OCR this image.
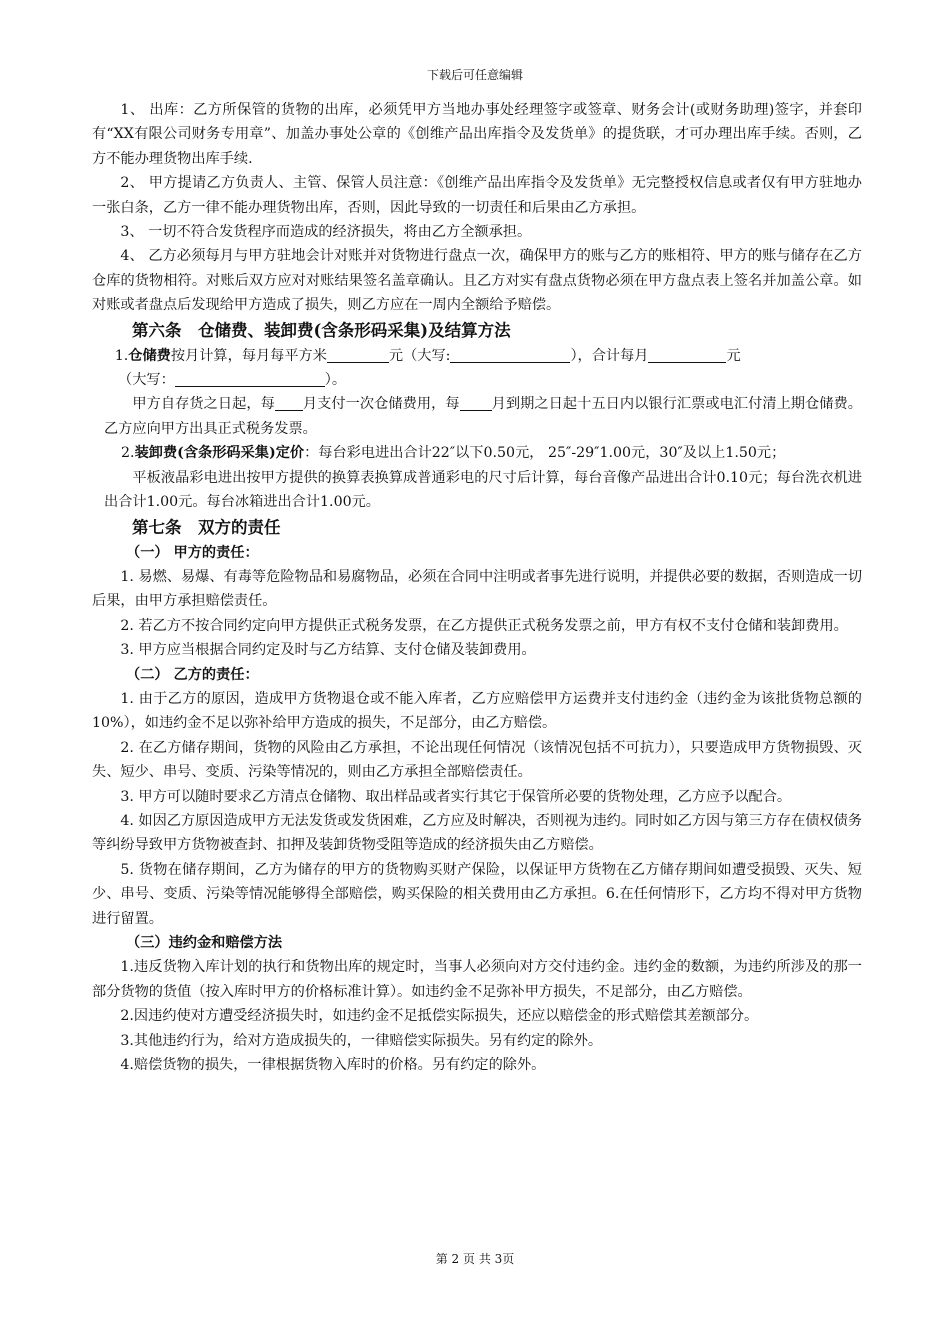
下载后可任意编辑

1、 出库：乙方所保管的货物的出库，必须凭甲方当地办事处经理签字或签章、财务会计(或财务助理)签字，并套印有“XX有限公司财务专用章”、加盖办事处公章的《创维产品出库指令及发货单》的提货联，才可办理出库手续。否则，乙方不能办理货物出库手续.

2、 甲方提请乙方负责人、主管、保管人员注意：《创维产品出库指令及发货单》无完整授权信息或者仅有甲方驻地办一张白条，乙方一律不能办理货物出库，否则，因此导致的一切责任和后果由乙方承担。

3、 一切不符合发货程序而造成的经济损失，将由乙方全额承担。

4、 乙方必须每月与甲方驻地会计对账并对货物进行盘点一次，确保甲方的账与乙方的账相符、甲方的账与储存在乙方仓库的货物相符。对账后双方应对对账结果签名盖章确认。且乙方对实有盘点货物必须在甲方盘点表上签名并加盖公章。如对账或者盘点后发现给甲方造成了损失，则乙方应在一周内全额给予赔偿。

第六条　仓储费、装卸费(含条形码采集)及结算方法

1.仓储费按月计算，每月每平方米	元（大写:	），合计每月	元

（大写：	）。

甲方自存货之日起，每 月支付一次仓储费用，每 月到期之日起十五日内以银行汇票或电汇付清上期仓储费。乙方应向甲方出具正式税务发票。

2.装卸费(含条形码采集)定价：每台彩电进出合计22″以下0.50元， 25″-29″1.00元，30″及以上1.50元；

平板液晶彩电进出按甲方提供的换算表换算成普通彩电的尺寸后计算，每台音像产品进出合计0.10元；每台洗衣机进出合计1.00元。每台冰箱进出合计1.00元。

第七条　双方的责任

（一） 甲方的责任：

1. 易燃、易爆、有毒等危险物品和易腐物品，必须在合同中注明或者事先进行说明，并提供必要的数据，否则造成一切后果，由甲方承担赔偿责任。

2. 若乙方不按合同约定向甲方提供正式税务发票，在乙方提供正式税务发票之前，甲方有权不支付仓储和装卸费用。

3. 甲方应当根据合同约定及时与乙方结算、支付仓储及装卸费用。

（二） 乙方的责任：

1. 由于乙方的原因，造成甲方货物退仓或不能入库者，乙方应赔偿甲方运费并支付违约金（违约金为该批货物总额的10%），如违约金不足以弥补给甲方造成的损失，不足部分，由乙方赔偿。

2. 在乙方储存期间，货物的风险由乙方承担，不论出现任何情况（该情况包括不可抗力），只要造成甲方货物损毁、灭失、短少、串号、变质、污染等情况的，则由乙方承担全部赔偿责任。

3. 甲方可以随时要求乙方清点仓储物、取出样品或者实行其它于保管所必要的货物处理，乙方应予以配合。

4. 如因乙方原因造成甲方无法发货或发货困难，乙方应及时解决，否则视为违约。同时如乙方因与第三方存在债权债务等纠纷导致甲方货物被查封、扣押及装卸货物受阻等造成的经济损失由乙方赔偿。

5. 货物在储存期间，乙方为储存的甲方的货物购买财产保险，以保证甲方货物在乙方储存期间如遭受损毁、灭失、短少、串号、变质、污染等情况能够得全部赔偿，购买保险的相关费用由乙方承担。6.在任何情形下，乙方均不得对甲方货物进行留置。

（三）违约金和赔偿方法

1.违反货物入库计划的执行和货物出库的规定时，当事人必须向对方交付违约金。违约金的数额，为违约所涉及的那一部分货物的货值（按入库时甲方的价格标准计算）。如违约金不足弥补甲方损失，不足部分，由乙方赔偿。

2.因违约使对方遭受经济损失时，如违约金不足抵偿实际损失，还应以赔偿金的形式赔偿其差额部分。

3.其他违约行为，给对方造成损失的，一律赔偿实际损失。另有约定的除外。

4.赔偿货物的损失，一律根据货物入库时的价格。另有约定的除外。

第 2 页 共 3页
